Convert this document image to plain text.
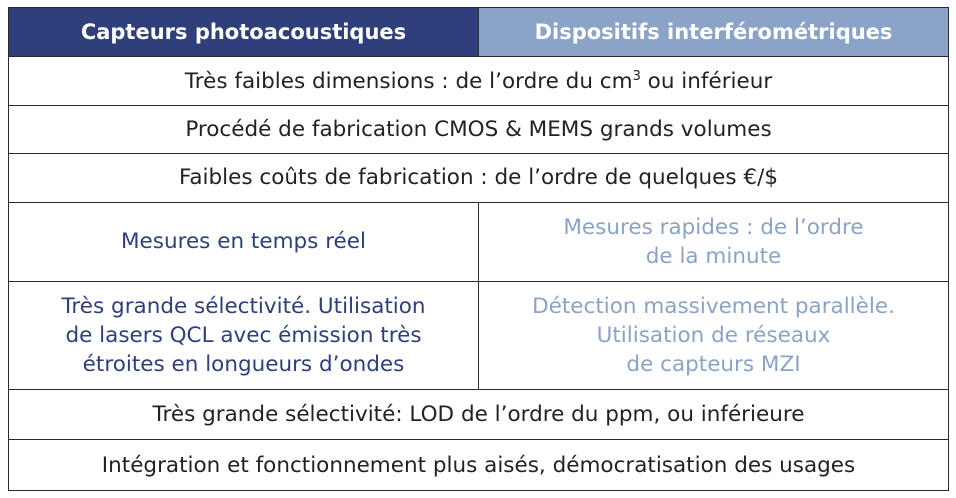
Capteurs photoacoustiques	Dispositifs interférométriques
Très faibles dimensions : de l’ordre du $cm^3$ ou inférieur	
Procédé de fabrication CMOS & MEMS grands volumes	
Faibles coûts de fabrication : de l’ordre de quelques €/$	
Mesures en temps réel	Mesures rapides : de l’ordre
de la minute

Très grande sélectivité. Utilisation
de lasers QCL avec émission très
étroites en longueurs d’ondes	Détection massivement parallèle.
Utilisation de réseaux
de capteurs MZI

Très grande sélectivité: LOD de l’ordre du ppm, ou inférieure	
Intégration et fonctionnement plus aisés, démocratisation des usages	
